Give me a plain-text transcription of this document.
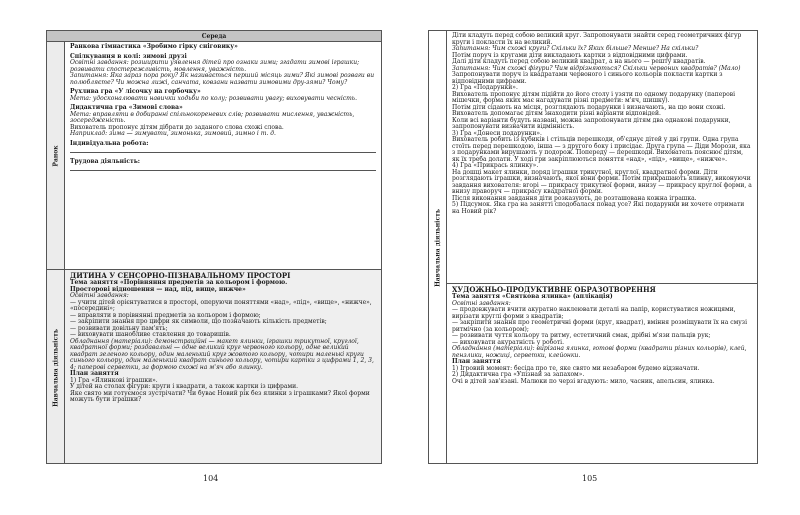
Середа
Ранок

Ранкова гімнастика «Зробимо гірку сніговику»

Спілкування в колі: зимові друзі

Освітні завдання: розширити уявлення дітей про ознаки зими; згадати зимові іграшки; розвивати спостережливість, мовлення, уважність.

Запитання: Яка зараз пора року? Як називається перший місяць зими? Які зимові розваги ви полюбляєте? Чи можна лижі, санчата, ковзани назвати зимовими дру-зями? Чому?

Рухлива гра «У лісочку на горбочку»

Мета: удосконалювати навички ходьби по колу; розвивати увагу; виховувати чесність.

Дидактична гра «Зимові слова»

Мета: вправляти в добиранні спільнокореневих слів; розвивати мислення, уважність, зосередженість.

Вихователь пропонує дітям дібрати до заданого слова схожі слова.

Наприклад: зима — зимувати, зимонька, зимовий, зимно і т. д.

Індивідуальна робота:

Трудова діяльність:

Навчальна діяльність

ДИТИНА У СЕНСОРНО-ПІЗНАВАЛЬНОМУ ПРОСТОРІ

Тема заняття «Порівняння предметів за кольором і формою.

Просторові відношення — над, під, вище, нижче»

Освітні завдання:

— учити дітей орієнтуватися в просторі, оперуючи поняттями «над», «під», «вище», «нижче», «посередині»;

— вправляти в порівнянні предметів за кольором і формою;

— закріпити знання про цифри як символи, що позначають кількість предметів;

— розвивати довільну пам'ять;

— виховувати шанобливе ставлення до товаришів.

Обладнання (матеріали): демонстраційні — макет ялинки, іграшки трикутної, круглої, квадратної форми; роздавальні — одне великий круг червоного кольору, одне великий квадрат зеленого кольору, один маленький круг жовтого кольору, чотири маленькі круги синього кольору, один маленький квадрат синього кольору, чотири картки з цифрами 1, 2, 3, 4; паперові серветки, за формою схожі на м'яч або ялинку.

План заняття

1) Гра «Ялинкові іграшки».

У дітей на столах фігури: круги і квадрати, а також картки із цифрами.

Яке свято ми готуємося зустрічати? Чи буває Новий рік без ялинки з іграшками? Якої форми можуть бути іграшки?

104
Навчальна діяльність

Діти кладуть перед собою великий круг. Запропонувати знайти серед геометричних фігур круги і покласти їх на великий.

Запитання: Чим схожі круги? Скільки їх? Яких більше? Менше? На скільки?

Потім поруч із кругами діти викладають картки з відповідними цифрами.

Далі діти кладуть перед собою великий квадрат, а на нього — решту квадратів.

Запитання: Чим схожі фігури? Чим відрізняються? Скільки червоних квадратів? (Мало)

Запропонувати поруч із квадратами червоного і синього кольорів покласти картки з відповідними цифрами.

2) Гра «Подарунки».

Вихователь пропонує дітям підійти до його столу і узяти по одному подарунку (паперові мішечки, форма яких має нагадувати різні предмети: м'яч, шишку).

Потім діти сідають на місця, розглядають подарунки і визначають, на що вони схожі. Вихователь допомагає дітям знаходити різні варіанти відповідей.

Коли всі варіанти будуть названі, можна запропонувати дітям два однакові подарунки, запропонувати визначити відмінність.

3) Гра «Донеси подарунки».

Вихователь робить із кубиків і стільців перешкоди, об'єднує дітей у дві групи. Одна група стоїть перед перешкодою, інша — з другого боку і присідає. Друга група — Діди Морози, яка з подарунками вирушають у подорож. Попереду — перешкоди. Вихователь пояснює дітям, як їх треба долати. У ході гри закріплюються поняття «над», «під», «вище», «нижче».

4) Гра «Прикрась ялинку».

На дошці макет ялинки, поряд іграшки трикутної, круглої, квадратної форми. Діти розглядають іграшки, визначають, якої вони форми. Потім прикрашають ялинку, виконуючи завдання вихователя: вгорі — прикрасу трикутної форми, внизу — прикрасу круглої форми, а внизу праворуч — прикрасу квадратної форми.

Після виконання завдання діти розказують, де розташована кожна іграшка.

5) Підсумок. Яка гра на занятті сподобалася понад усе? Які подарунки ви хочете отримати на Новий рік?

ХУДОЖНЬО-ПРОДУКТИВНЕ ОБРАЗОТВОРЕННЯ

Тема заняття «Святкова ялинка» (аплікація)

Освітні завдання:

— продовжувати вчити акуратно наклеювати деталі на папір, користуватися ножицями, вирізати круглі форми з квадратів;

— закріпити знання про геометричні форми (круг, квадрат), вміння розміщувати їх на смузі ритмічно (за кольором);

— розвивати чуття кольору та ритму, естетичний смак, дрібні м'язи пальців рук;

— виховувати акуратність у роботі.

Обладнання (матеріали): вирізана ялинка, готові форми (квадрати різних кольорів), клей, пензлики, ножиці, серветки, клейонки.

План заняття

1) Ігровий момент: бесіда про те, яке свято ми незабаром будемо відзначати.

2) Дидактична гра «Упізнай за запахом».

Очі в дітей зав'язані. Малюки по черзі вгадують: мило, часник, апельсин, ялинка.

105
